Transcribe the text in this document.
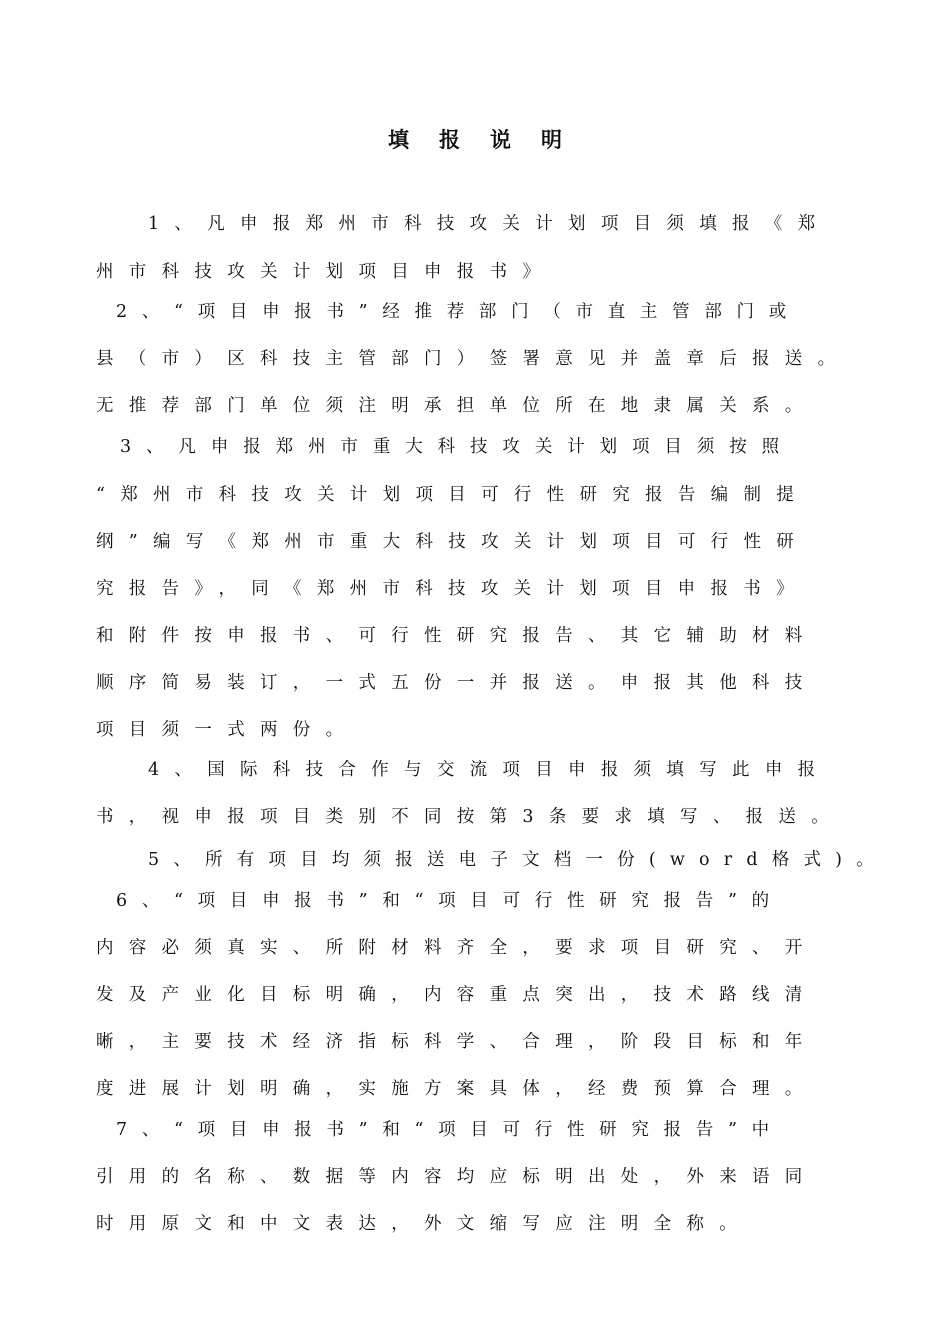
填报说明
1、凡申报郑州市科技攻关计划项目须填报《郑
州市科技攻关计划项目申报书》
2、“项目申报书”经推荐部门（市直主管部门或
县（市）区科技主管部门）签署意见并盖章后报送。
无推荐部门单位须注明承担单位所在地隶属关系。
3、凡申报郑州市重大科技攻关计划项目须按照
“郑州市科技攻关计划项目可行性研究报告编制提
纲”编写《郑州市重大科技攻关计划项目可行性研
究报告》，同《郑州市科技攻关计划项目申报书》
和附件按申报书、可行性研究报告、其它辅助材料
顺序简易装订，一式五份一并报送。申报其他科技
项目须一式两份。
4、国际科技合作与交流项目申报须填写此申报
书，视申报项目类别不同按第3条要求填写、报送。
5、所有项目均须报送电子文档一份(word格式)。
6、“项目申报书”和“项目可行性研究报告”的
内容必须真实、所附材料齐全，要求项目研究、开
发及产业化目标明确，内容重点突出，技术路线清
晰，主要技术经济指标科学、合理，阶段目标和年
度进展计划明确，实施方案具体，经费预算合理。
7、“项目申报书”和“项目可行性研究报告”中
引用的名称、数据等内容均应标明出处，外来语同
时用原文和中文表达，外文缩写应注明全称。
